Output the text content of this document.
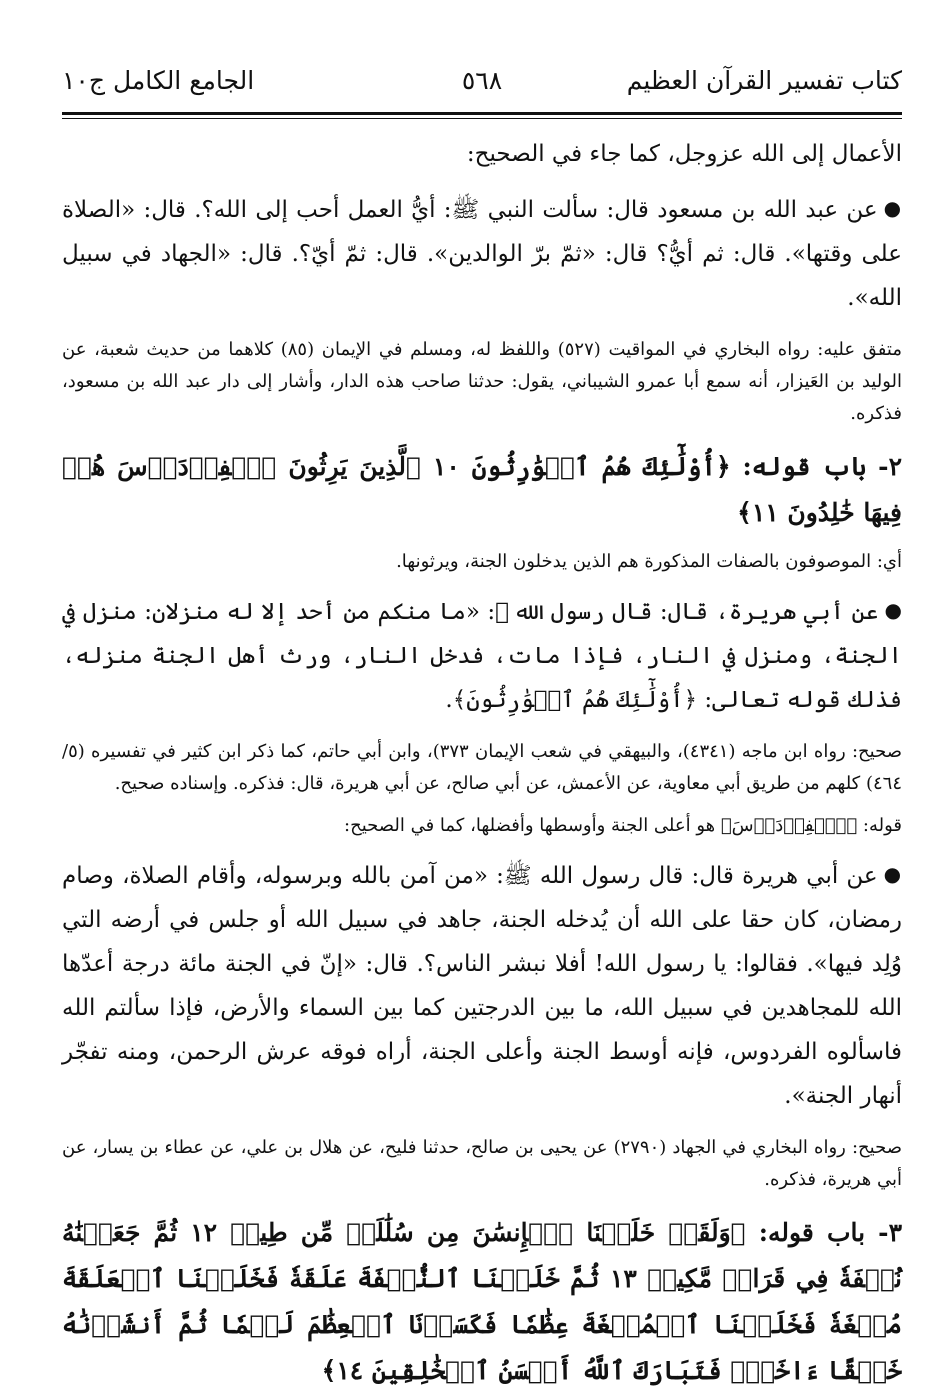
كتاب تفسير القرآن العظيم
٥٦٨
الجامع الكامل ج١٠

الأعمال إلى الله عزوجل، كما جاء في الصحيح:

●عن عبد الله بن مسعود قال: سألت النبي ﷺ: أيُّ العمل أحب إلى الله؟. قال: «الصلاة على وقتها». قال: ثم أيُّ؟ قال: «ثمّ برّ الوالدين». قال: ثمّ أيّ؟. قال: «الجهاد في سبيل الله».

متفق عليه: رواه البخاري في المواقيت (٥٢٧) واللفظ له، ومسلم في الإيمان (٨٥) كلاهما من حديث شعبة، عن الوليد بن العَيزار، أنه سمع أبا عمرو الشيباني، يقول: حدثنا صاحب هذه الدار، وأشار إلى دار عبد الله بن مسعود، فذكره.

٢- باب قوله: ﴿أُوْلَٰٓئِكَ هُمُ ٱلۡوَٰرِثُونَ ١٠ ٱلَّذِينَ يَرِثُونَ ٱلۡفِرۡدَوۡسَ هُمۡ فِيهَا خَٰلِدُونَ ١١﴾

أي: الموصوفون بالصفات المذكورة هم الذين يدخلون الجنة، ويرثونها.

●عن أبي هريرة، قال: قال رسول الله ﷺ: «ما منكم من أحد إلا له منزلان: منزل في الجنة، ومنزل في النار، فإذا مات، فدخل النار، ورث أهل الجنة منزله، فذلك قوله تعالى: ﴿أُوْلَٰٓئِكَ هُمُ ٱلۡوَٰرِثُونَ﴾.

صحيح: رواه ابن ماجه (٤٣٤١)، والبيهقي في شعب الإيمان ٣٧٣)، وابن أبي حاتم، كما ذكر ابن كثير في تفسيره (٥/ ٤٦٤) كلهم من طريق أبي معاوية، عن الأعمش، عن أبي صالح، عن أبي هريرة، قال: فذكره. وإسناده صحيح.

قوله: ﴿ٱلۡفِرۡدَوۡسَ﴾ هو أعلى الجنة وأوسطها وأفضلها، كما في الصحيح:

●عن أبي هريرة قال: قال رسول الله ﷺ: «من آمن بالله وبرسوله، وأقام الصلاة، وصام رمضان، كان حقا على الله أن يُدخله الجنة، جاهد في سبيل الله أو جلس في أرضه التي وُلِد فيها». فقالوا: يا رسول الله! أفلا نبشر الناس؟. قال: «إنّ في الجنة مائة درجة أعدّها الله للمجاهدين في سبيل الله، ما بين الدرجتين كما بين السماء والأرض، فإذا سألتم الله فاسألوه الفردوس، فإنه أوسط الجنة وأعلى الجنة، أراه فوقه عرش الرحمن، ومنه تفجّر أنهار الجنة».

صحيح: رواه البخاري في الجهاد (٢٧٩٠) عن يحيى بن صالح، حدثنا فليح، عن هلال بن علي، عن عطاء بن يسار، عن أبي هريرة، فذكره.

٣- باب قوله: ﴿وَلَقَدۡ خَلَقۡنَا ٱلۡإِنسَٰنَ مِن سُلَٰلَةٖ مِّن طِينٖ ١٢ ثُمَّ جَعَلۡنَٰهُ نُطۡفَةٗ فِي قَرَارٖ مَّكِينٖ ١٣ ثُمَّ خَلَقۡنَا ٱلنُّطۡفَةَ عَلَقَةٗ فَخَلَقۡنَا ٱلۡعَلَقَةَ مُضۡغَةٗ فَخَلَقۡنَا ٱلۡمُضۡغَةَ عِظَٰمٗا فَكَسَوۡنَا ٱلۡعِظَٰمَ لَحۡمٗا ثُمَّ أَنشَأۡنَٰهُ خَلۡقًا ءَاخَرَۚ فَتَبَارَكَ ٱللَّهُ أَحۡسَنُ ٱلۡخَٰلِقِينَ ١٤﴾
